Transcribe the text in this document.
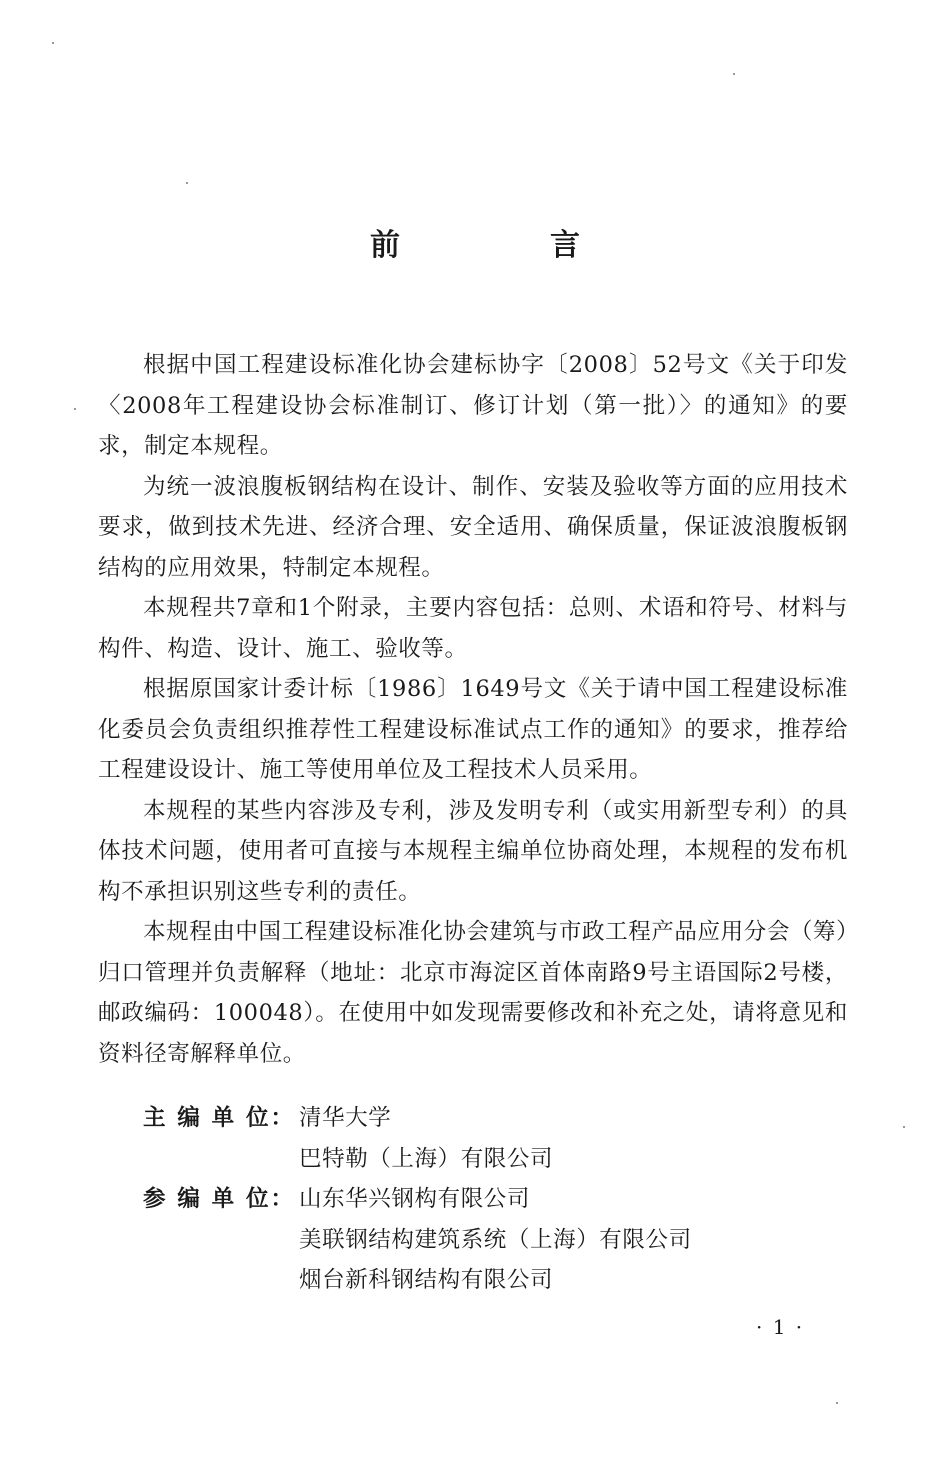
前　言

根据中国工程建设标准化协会建标协字〔2008〕52号文《关于印发〈2008年工程建设协会标准制订、修订计划（第一批）〉的通知》的要求，制定本规程。

为统一波浪腹板钢结构在设计、制作、安装及验收等方面的应用技术要求，做到技术先进、经济合理、安全适用、确保质量，保证波浪腹板钢结构的应用效果，特制定本规程。

本规程共7章和1个附录，主要内容包括：总则、术语和符号、材料与构件、构造、设计、施工、验收等。

根据原国家计委计标〔1986〕1649号文《关于请中国工程建设标准化委员会负责组织推荐性工程建设标准试点工作的通知》的要求，推荐给工程建设设计、施工等使用单位及工程技术人员采用。

本规程的某些内容涉及专利，涉及发明专利（或实用新型专利）的具体技术问题，使用者可直接与本规程主编单位协商处理，本规程的发布机构不承担识别这些专利的责任。

本规程由中国工程建设标准化协会建筑与市政工程产品应用分会（筹）归口管理并负责解释（地址：北京市海淀区首体南路9号主语国际2号楼，邮政编码：100048）。在使用中如发现需要修改和补充之处，请将意见和资料径寄解释单位。

主 编 单 位： 清华大学
巴特勒（上海）有限公司
参 编 单 位： 山东华兴钢构有限公司
美联钢结构建筑系统（上海）有限公司
烟台新科钢结构有限公司
· 1 ·
